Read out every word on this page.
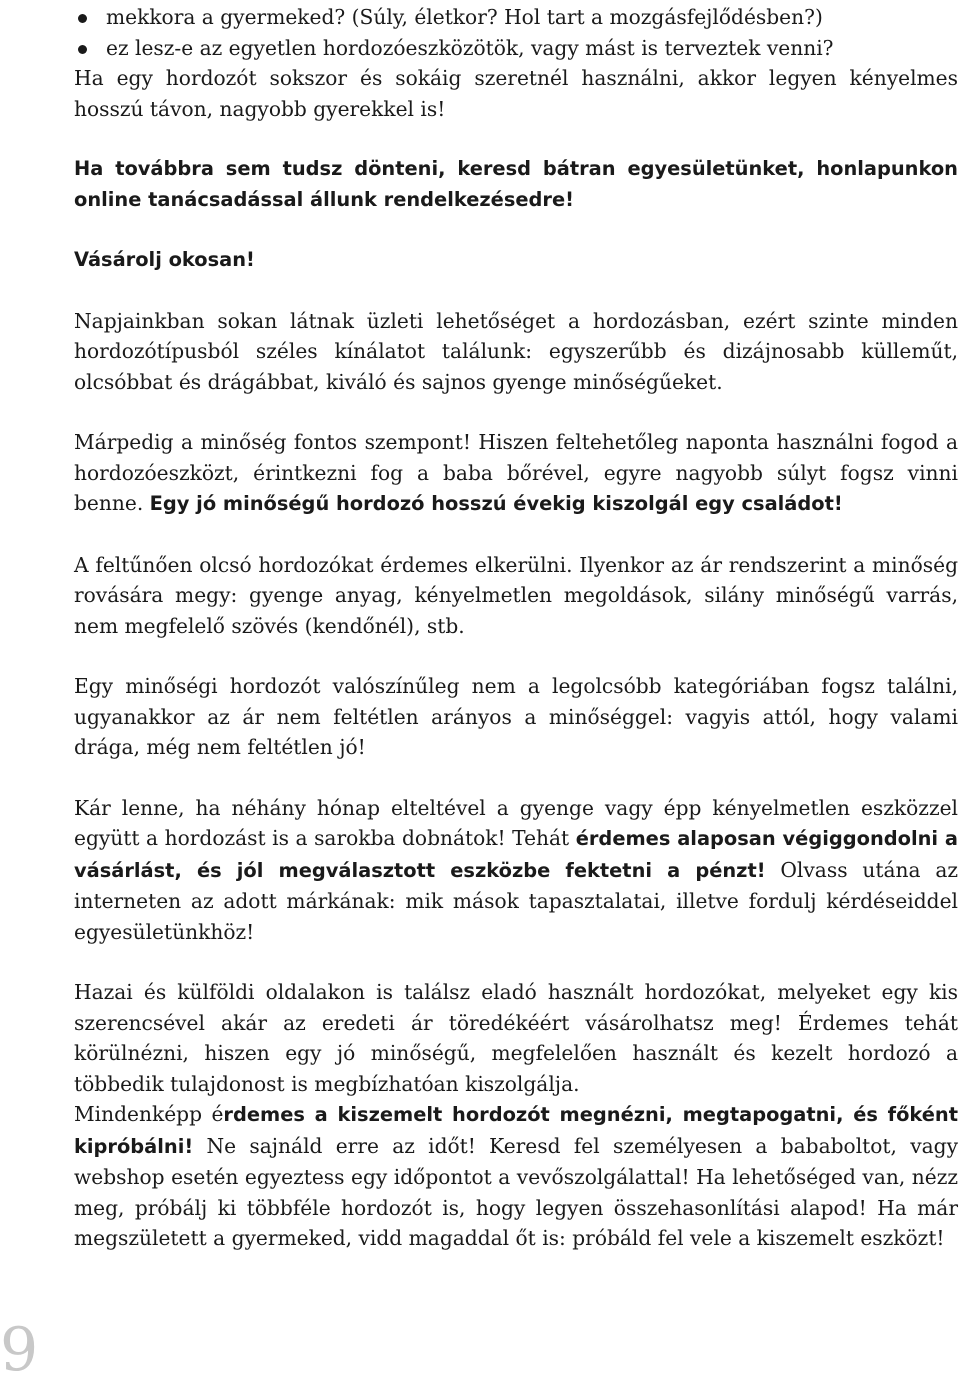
mekkora a gyermeked? (Súly, életkor? Hol tart a mozgásfejlődésben?)
ez lesz-e az egyetlen hordozóeszközötök, vagy mást is terveztek venni?

Ha egy hordozót sokszor és sokáig szeretnél használni, akkor legyen kényelmes hosszú távon, nagyobb gyerekkel is!

Ha továbbra sem tudsz dönteni, keresd bátran egyesületünket, honlapunkon online tanácsadással állunk rendelkezésedre!

Vásárolj okosan!

Napjainkban sokan látnak üzleti lehetőséget a hordozásban, ezért szinte minden hordozótípusból széles kínálatot találunk: egyszerűbb és dizájnosabb küllemű​t, olcsóbbat és drágábbat, kiváló és sajnos gyenge minőségűeket.

Márpedig a minőség fontos szempont! Hiszen feltehetőleg naponta használni fogod a hordozóeszközt, érintkezni fog a baba bőrével, egyre nagyobb súlyt fogsz vinni benne. Egy jó minőségű hordozó hosszú évekig kiszolgál egy családot!

A feltűnően olcsó hordozókat érdemes elkerülni. Ilyenkor az ár rendszerint a minőség rovására megy: gyenge anyag, kényelmetlen megoldások, silány minőségű varrás, nem megfelelő szövés (kendőnél), stb.

Egy minőségi hordozót valószínűleg nem a legolcsóbb kategóriában fogsz találni, ugyanakkor az ár nem feltétlen arányos a minőséggel: vagyis attól, hogy valami drága, még nem feltétlen jó!

Kár lenne, ha néhány hónap elteltével a gyenge vagy épp kényelmetlen eszközzel együtt a hordozást is a sarokba dobnátok! Tehát érdemes alaposan végiggondolni a vásárlást, és jól megválasztott eszközbe fektetni a pénzt! Olvass utána az interneten az adott márkának: mik mások tapasztalatai, illetve fordulj kérdéseiddel egyesületünkhöz!

Hazai és külföldi oldalakon is találsz eladó használt hordozókat, melyeket egy kis szerencsével akár az eredeti ár töredékéért vásárolhatsz meg! Érdemes tehát körülnézni, hiszen egy jó minőségű, megfelelően használt és kezelt hordozó a többedik tulajdonost is megbízhatóan kiszolgálja.

Mindenképp érdemes a kiszemelt hordozót megnézni, megtapogatni, és főként kipróbálni! Ne sajnáld erre az időt! Keresd fel személyesen a bababoltot, vagy webshop esetén egyeztess egy időpontot a vevőszolgálattal! Ha lehetőséged van, nézz meg, próbálj ki többféle hordozót is, hogy legyen összehasonlítási alapod! Ha már megszületett a gyermeked, vidd magaddal őt is: próbáld fel vele a kiszemelt eszközt!

9
